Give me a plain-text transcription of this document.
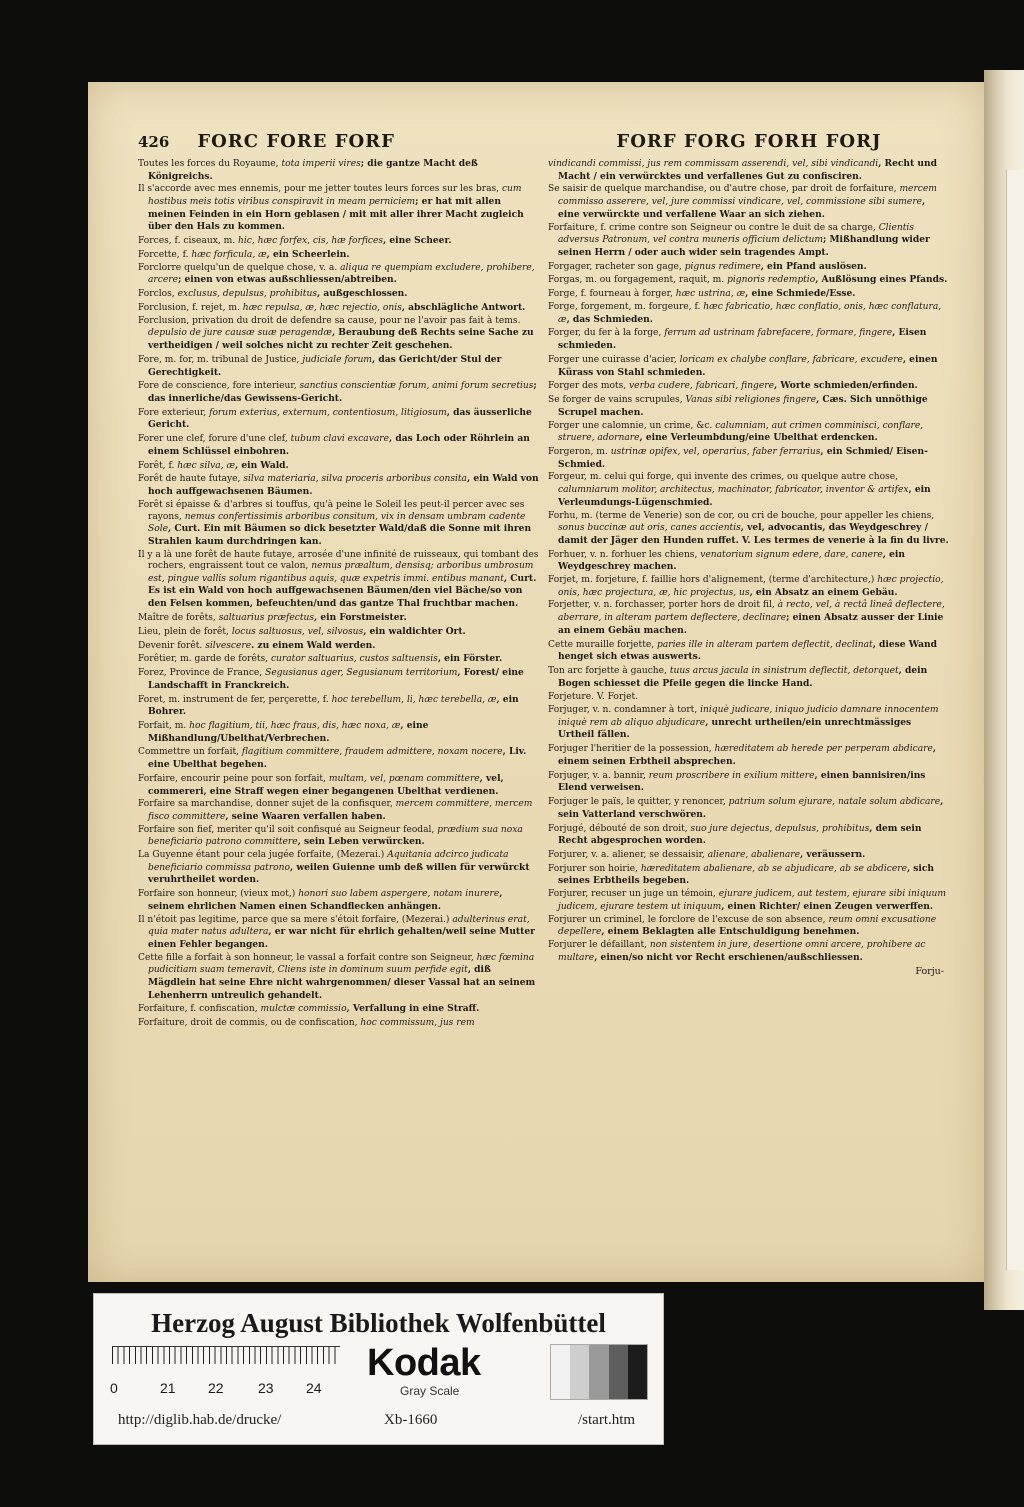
426 FORC FORE FORF

Toutes les forces du Royaume, tota imperii vires; die gantze Macht deß Königreichs.

Il s'accorde avec mes ennemis, pour me jetter toutes leurs forces sur les bras, cum hostibus meis totis viribus conspiravit in meam perniciem; er hat mit allen meinen Feinden in ein Horn geblasen / mit mit aller ihrer Macht zugleich über den Hals zu kommen.

Forces, f. ciseaux, m. hic, hæc forfex, cis, hæ forfices, eine Scheer.

Forcette, f. hæc forficula, æ, ein Scheerlein.

Forclorre quelqu'un de quelque chose, v. a. aliqua re quempiam excludere, prohibere, arcere; einen von etwas außschliessen/abtreiben.

Forclos, exclusus, depulsus, prohibitus, außgeschlossen.

Forclusion, f. rejet, m. hæc repulsa, æ, hæc rejectio, onis, abschlägliche Antwort.

Forclusion, privation du droit de defendre sa cause, pour ne l'avoir pas fait à tems. depulsio de jure causæ suæ peragendæ, Beraubung deß Rechts seine Sache zu vertheidigen / weil solches nicht zu rechter Zeit geschehen.

Fore, m. for, m. tribunal de Justice, judiciale forum, das Gericht/der Stul der Gerechtigkeit.

Fore de conscience, fore interieur, sanctius conscientiæ forum, animi forum secretius; das innerliche/das Gewissens-Gericht.

Fore exterieur, forum exterius, externum, contentiosum, litigiosum, das äusserliche Gericht.

Forer une clef, forure d'une clef, tubum clavi excavare, das Loch oder Röhrlein an einem Schlüssel einbohren.

Forêt, f. hæc silva, æ, ein Wald.

Forêt de haute futaye, silva materiaria, silva proceris arboribus consita, ein Wald von hoch auffgewachsenen Bäumen.

Forêt si épaisse & d'arbres si touffus, qu'à peine le Soleil les peut-il percer avec ses rayons, nemus confertissimis arboribus consitum, vix in densam umbram cadente Sole, Curt. Ein mit Bäumen so dick besetzter Wald/daß die Sonne mit ihren Strahlen kaum durchdringen kan.

Il y a là une forêt de haute futaye, arrosée d'une infinité de ruisseaux, qui tombant des rochers, engraissent tout ce valon, nemus præaltum, densisq; arboribus umbrosum est, pingue vallis solum rigantibus aquis, quæ expetris immi. entibus manant, Curt. Es ist ein Wald von hoch auffgewachsenen Bäumen/den viel Bäche/so von den Felsen kommen, befeuchten/und das gantze Thal fruchtbar machen.

Maître de forêts, saltuarius præfectus, ein Forstmeister.

Lieu, plein de forêt, locus saltuosus, vel, silvosus, ein waldichter Ort.

Devenir forêt. silvescere. zu einem Wald werden.

Forêtier, m. garde de forêts, curator saltuarius, custos saltuensis, ein Förster.

Forez, Province de France, Segusianus ager, Segusianum territorium, Forest/ eine Landschafft in Franckreich.

Foret, m. instrument de fer, perçerette, f. hoc terebellum, li, hæc terebella, æ, ein Bohrer.

Forfait, m. hoc flagitium, tii, hæc fraus, dis, hæc noxa, æ, eine Mißhandlung/Ubelthat/Verbrechen.

Commettre un forfait, flagitium committere, fraudem admittere, noxam nocere, Liv. eine Ubelthat begehen.

Forfaire, encourir peine pour son forfait, multam, vel, pœnam committere, vel, commereri, eine Straff wegen einer begangenen Ubelthat verdienen.

Forfaire sa marchandise, donner sujet de la confisquer, mercem committere, mercem fisco committere, seine Waaren verfallen haben.

Forfaire son fief, meriter qu'il soit confisqué au Seigneur feodal, prædium sua noxa beneficiario patrono committere, sein Leben verwürcken.

La Guyenne étant pour cela jugée forfaite, (Mezerai.) Aquitania adcirco judicata beneficiario commissa patrono, weilen Guienne umb deß willen für verwürckt veruhrtheilet worden.

Forfaire son honneur, (vieux mot,) honori suo labem aspergere, notam inurere, seinem ehrlichen Namen einen Schandflecken anhängen.

Il n'étoit pas legitime, parce que sa mere s'étoit forfaire, (Mezerai.) adulterinus erat, quia mater natus adultera, er war nicht für ehrlich gehalten/weil seine Mutter einen Fehler begangen.

Cette fille a forfait à son honneur, le vassal a forfait contre son Seigneur, hæc fœmina pudicitiam suam temeravit, Cliens iste in dominum suum perfide egit, diß Mägdlein hat seine Ehre nicht wahrgenommen/ dieser Vassal hat an seinem Lehenherrn untreulich gehandelt.

Forfaiture, f. confiscation, mulctæ commissio, Verfallung in eine Straff.

Forfaiture, droit de commis, ou de confiscation, hoc commissum, jus rem

FORF FORG FORH FORJ

vindicandi commissi, jus rem commissam asserendi, vel, sibi vindicandi, Recht und Macht / ein verwürcktes und verfallenes Gut zu confisciren.

Se saisir de quelque marchandise, ou d'autre chose, par droit de forfaiture, mercem commisso asserere, vel, jure commissi vindicare, vel, commissione sibi sumere, eine verwürckte und verfallene Waar an sich ziehen.

Forfaiture, f. crime contre son Seigneur ou contre le duit de sa charge, Clientis adversus Patronum, vel contra muneris officium delictum; Mißhandlung wider seinen Herrn / oder auch wider sein tragendes Ampt.

Forgager, racheter son gage, pignus redimere, ein Pfand auslösen.

Forgas, m. ou forgagement, raquit, m. pignoris redemptio, Außlösung eines Pfands.

Forge, f. fourneau à forger, hæc ustrina, æ, eine Schmiede/Esse.

Forge, forgement, m. forgeure, f. hæc fabricatio, hæc conflatio, onis, hæc conflatura, æ, das Schmieden.

Forger, du fer à la forge, ferrum ad ustrinam fabrefacere, formare, fingere, Eisen schmieden.

Forger une cuirasse d'acier, loricam ex chalybe conflare, fabricare, excudere, einen Kürass von Stahl schmieden.

Forger des mots, verba cudere, fabricari, fingere, Worte schmieden/erfinden.

Se forger de vains scrupules, Vanas sibi religiones fingere, Cæs. Sich unnöthige Scrupel machen.

Forger une calomnie, un crime, &c. calumniam, aut crimen comminisci, conflare, struere, adornare, eine Verleumbdung/eine Ubelthat erdencken.

Forgeron, m. ustrinæ opifex, vel, operarius, faber ferrarius, ein Schmied/ Eisen-Schmied.

Forgeur, m. celui qui forge, qui invente des crimes, ou quelque autre chose, calumniarum molitor, architectus, machinator, fabricator, inventor & artifex, ein Verleumdungs-Lügenschmied.

Forhu, m. (terme de Venerie) son de cor, ou cri de bouche, pour appeller les chiens, sonus buccinæ aut oris, canes accientis, vel, advocantis, das Weydgeschrey / damit der Jäger den Hunden ruffet. V. Les termes de venerie à la fin du livre.

Forhuer, v. n. forhuer les chiens, venatorium signum edere, dare, canere, ein Weydgeschrey machen.

Forjet, m. forjeture, f. faillie hors d'alignement, (terme d'architecture,) hæc projectio, onis, hæc projectura, æ, hic projectus, us, ein Absatz an einem Gebäu.

Forjetter, v. n. forchasser, porter hors de droit fil, à recto, vel, à rectâ lineâ deflectere, aberrare, in alteram partem deflectere, declinare; einen Absatz ausser der Linie an einem Gebäu machen.

Cette muraille forjette, paries ille in alteram partem deflectit, declinat, diese Wand henget sich etwas auswerts.

Ton arc forjette à gauche, tuus arcus jacula in sinistrum deflectit, detorquet, dein Bogen schiesset die Pfeile gegen die lincke Hand.

Forjeture. V. Forjet.

Forjuger, v. n. condamner à tort, iniquè judicare, iniquo judicio damnare innocentem iniquè rem ab aliquo abjudicare, unrecht urtheilen/ein unrechtmässiges Urtheil fällen.

Forjuger l'heritier de la possession, hæreditatem ab herede per perperam abdicare, einem seinen Erbtheil absprechen.

Forjuger, v. a. bannir, reum proscribere in exilium mittere, einen bannisiren/ins Elend verweisen.

Forjuger le païs, le quitter, y renoncer, patrium solum ejurare, natale solum abdicare, sein Vatterland verschwören.

Forjugé, débouté de son droit, suo jure dejectus, depulsus, prohibitus, dem sein Recht abgesprochen worden.

Forjurer, v. a. aliener, se dessaisir, alienare, abalienare, veräussern.

Forjurer son hoirie, hæreditatem abalienare, ab se abjudicare, ab se abdicere, sich seines Erbtheils begeben.

Forjurer, recuser un juge un témoin, ejurare judicem, aut testem, ejurare sibi iniquum judicem, ejurare testem ut iniquum, einen Richter/ einen Zeugen verwerffen.

Forjurer un criminel, le forclore de l'excuse de son absence, reum omni excusatione depellere, einem Beklagten alle Entschuldigung benehmen.

Forjurer le défaillant, non sistentem in jure, desertione omni arcere, prohibere ac multare, einen/so nicht vor Recht erschienen/außschliessen.

Forju-
Herzog August Bibliothek Wolfenbüttel
0	21 22 23 24
Kodak
Gray Scale
http://diglib.hab.de/drucke/	Xb-1660	/start.htm
